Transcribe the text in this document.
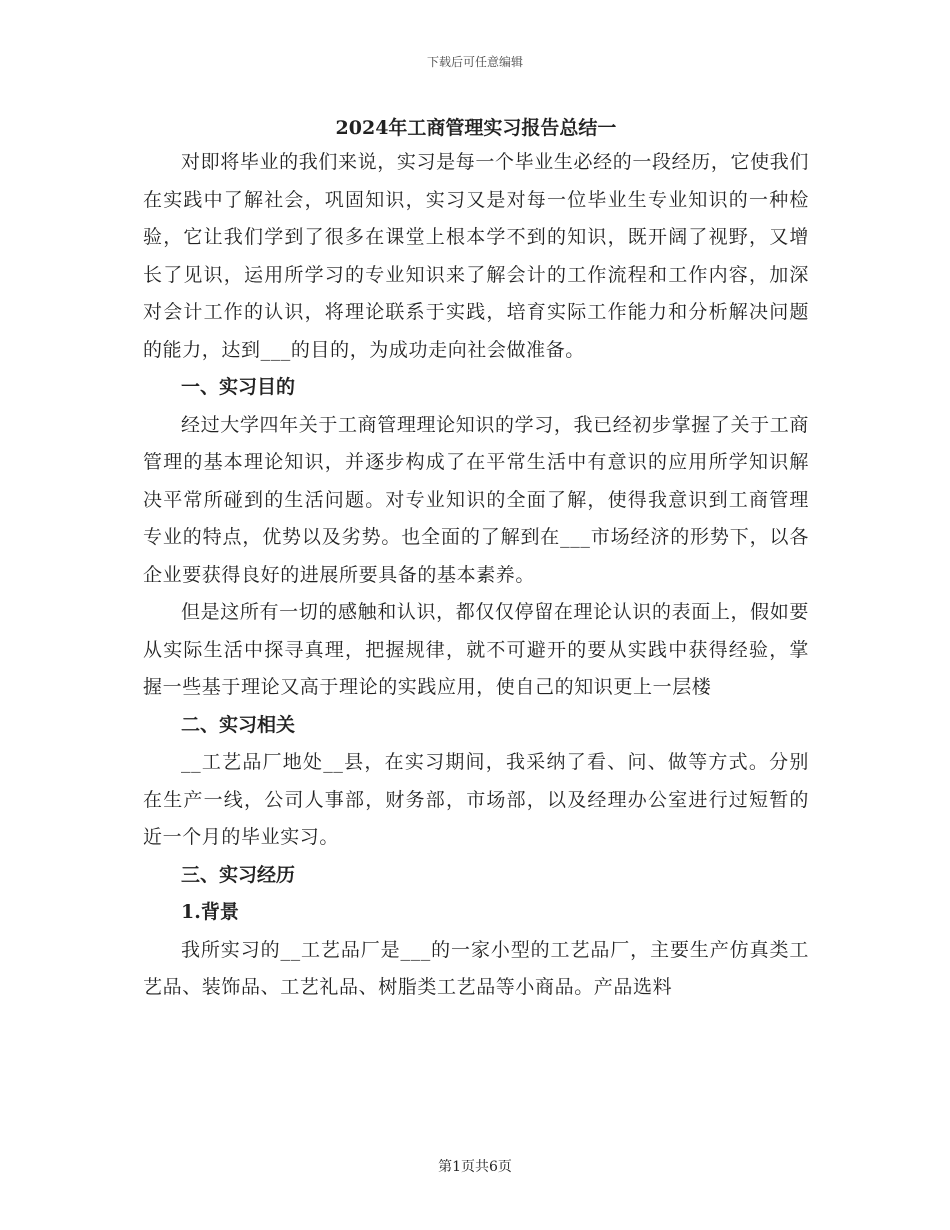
下载后可任意编辑
2024年工商管理实习报告总结一

对即将毕业的我们来说，实习是每一个毕业生必经的一段经历，它使我们在实践中了解社会，巩固知识，实习又是对每一位毕业生专业知识的一种检验，它让我们学到了很多在课堂上根本学不到的知识，既开阔了视野，又增长了见识，运用所学习的专业知识来了解会计的工作流程和工作内容，加深对会计工作的认识，将理论联系于实践，培育实际工作能力和分析解决问题的能力，达到___的目的，为成功走向社会做准备。

一、实习目的

经过大学四年关于工商管理理论知识的学习，我已经初步掌握了关于工商管理的基本理论知识，并逐步构成了在平常生活中有意识的应用所学知识解决平常所碰到的生活问题。对专业知识的全面了解，使得我意识到工商管理专业的特点，优势以及劣势。也全面的了解到在___市场经济的形势下，以各企业要获得良好的进展所要具备的基本素养。

但是这所有一切的感触和认识，都仅仅停留在理论认识的表面上，假如要从实际生活中探寻真理，把握规律，就不可避开的要从实践中获得经验，掌握一些基于理论又高于理论的实践应用，使自己的知识更上一层楼

二、实习相关

__工艺品厂地处__县，在实习期间，我采纳了看、问、做等方式。分别在生产一线，公司人事部，财务部，市场部，以及经理办公室进行过短暂的近一个月的毕业实习。

三、实习经历

1.背景

我所实习的__工艺品厂是___的一家小型的工艺品厂，主要生产仿真类工艺品、装饰品、工艺礼品、树脂类工艺品等小商品。产品选料

第1页共6页
